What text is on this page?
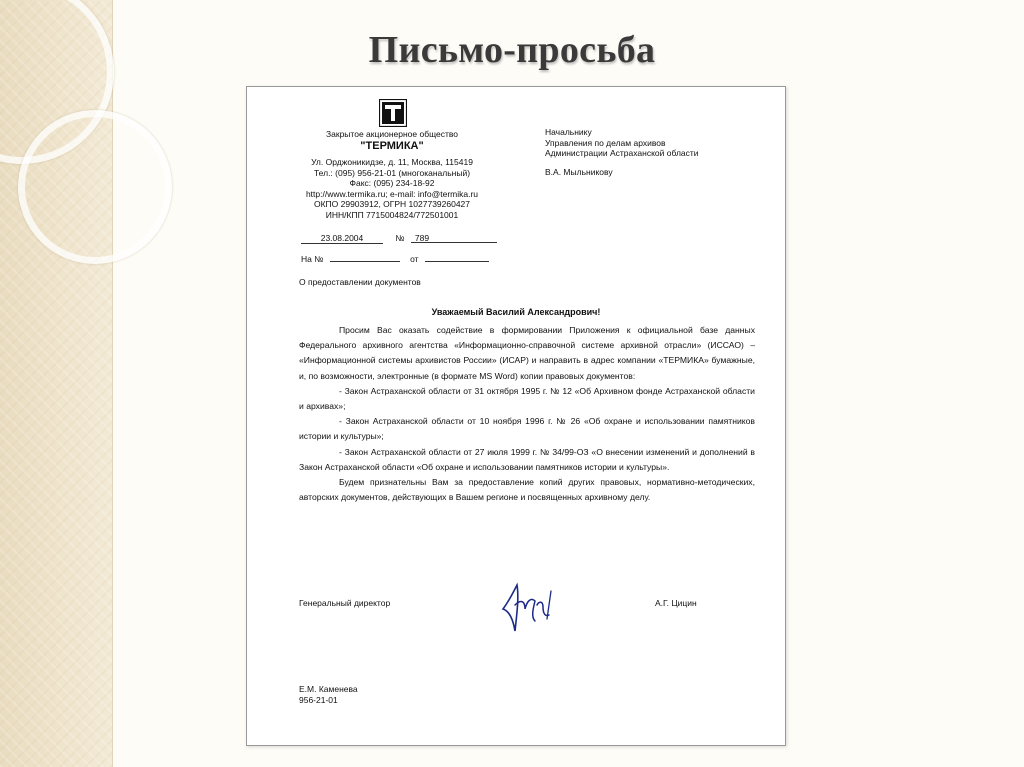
Письмо-просьба
Закрытое акционерное общество
"ТЕРМИКА"
Ул. Орджоникидзе, д. 11, Москва, 115419
Тел.: (095) 956-21-01 (многоканальный)
Факс: (095) 234-18-92
http://www.termika.ru; e-mail: info@termika.ru
ОКПО 29903912, ОГРН 1027739260427
ИНН/КПП 7715004824/772501001
Начальнику
Управления по делам архивов
Администрации Астраханской области
В.А. Мыльникову
23.08.2004	№ 789
На №	от
О предоставлении документов
Уважаемый Василий Александрович!

Просим Вас оказать содействие в формировании Приложения к официальной базе данных Федерального архивного агентства «Информационно-справочной системе архивной отрасли» (ИССАО) – «Информационной системы архивистов России» (ИСАР) и направить в адрес компании «ТЕРМИКА» бумажные, и, по возможности, электронные (в формате MS Word) копии правовых документов:

- Закон Астраханской области от 31 октября 1995 г. № 12 «Об Архивном фонде Астраханской области и архивах»;

- Закон Астраханской области от 10 ноября 1996 г. № 26 «Об охране и использовании памятников истории и культуры»;

- Закон Астраханской области от 27 июля 1999 г. № 34/99-ОЗ «О внесении изменений и дополнений в Закон Астраханской области «Об охране и использовании памятников истории и культуры».

Будем признательны Вам за предоставление копий других правовых, нормативно-методических, авторских документов, действующих в Вашем регионе и посвященных архивному делу.

Генеральный директор	А.Г. Цицин
Е.М. Каменева
956-21-01
